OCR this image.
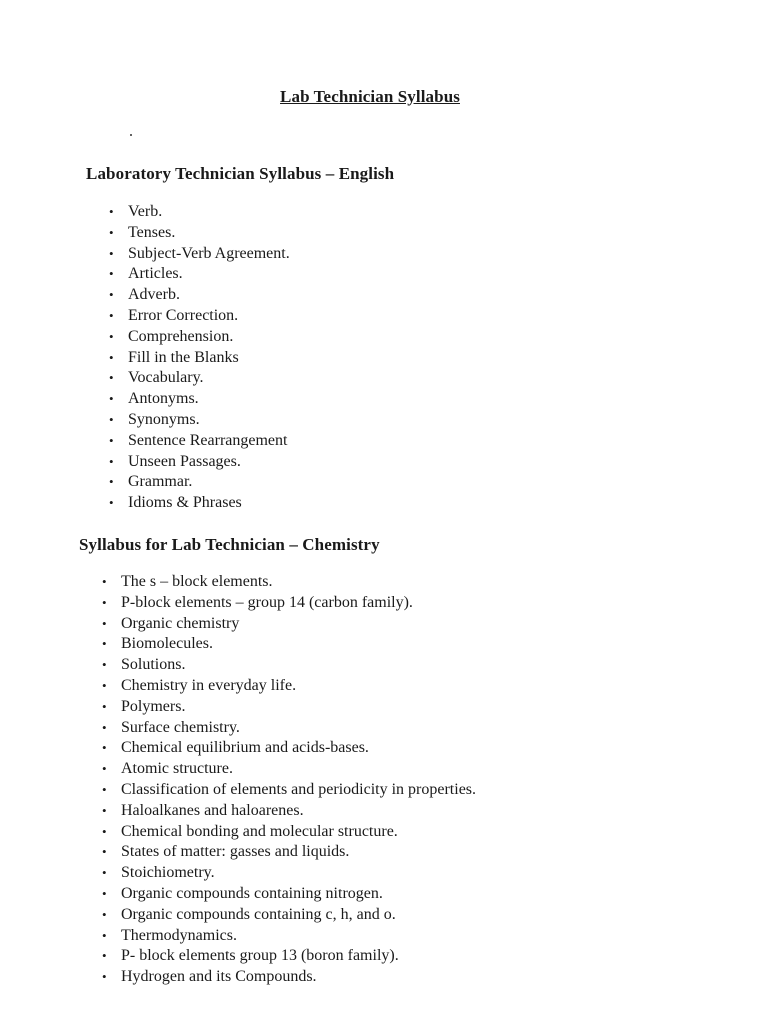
Lab Technician Syllabus
Laboratory Technician Syllabus – English
• Verb.
• Tenses.
• Subject-Verb Agreement.
• Articles.
• Adverb.
• Error Correction.
• Comprehension.
• Fill in the Blanks
• Vocabulary.
• Antonyms.
• Synonyms.
• Sentence Rearrangement
• Unseen Passages.
• Grammar.
• Idioms & Phrases
Syllabus for Lab Technician – Chemistry
• The s – block elements.
• P-block elements – group 14 (carbon family).
• Organic chemistry
• Biomolecules.
• Solutions.
• Chemistry in everyday life.
• Polymers.
• Surface chemistry.
• Chemical equilibrium and acids-bases.
• Atomic structure.
• Classification of elements and periodicity in properties.
• Haloalkanes and haloarenes.
• Chemical bonding and molecular structure.
• States of matter: gasses and liquids.
• Stoichiometry.
• Organic compounds containing nitrogen.
• Organic compounds containing c, h, and o.
• Thermodynamics.
• P- block elements group 13 (boron family).
• Hydrogen and its Compounds.
